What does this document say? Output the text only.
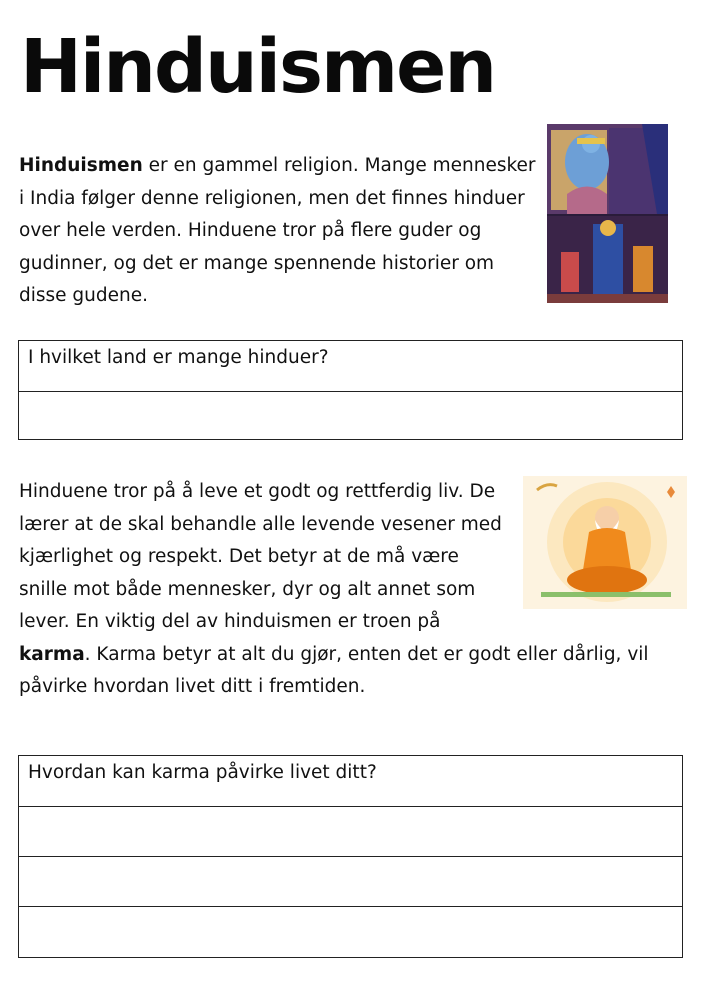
Hinduismen

Hinduismen er en gammel religion. Mange mennesker i India følger denne religionen, men det finnes hinduer over hele verden. Hinduene tror på flere guder og gudinner, og det er mange spennende historier om disse gudene.

I hvilket land er mange hinduer?

Hinduene tror på å leve et godt og rettferdig liv. De lærer at de skal behandle alle levende vesener med kjærlighet og respekt. Det betyr at de må være snille mot både mennesker, dyr og alt annet som lever. En viktig del av hinduismen er troen på karma. Karma betyr at alt du gjør, enten det er godt eller dårlig, vil påvirke hvordan livet ditt i fremtiden.

Hvordan kan karma påvirke livet ditt?
